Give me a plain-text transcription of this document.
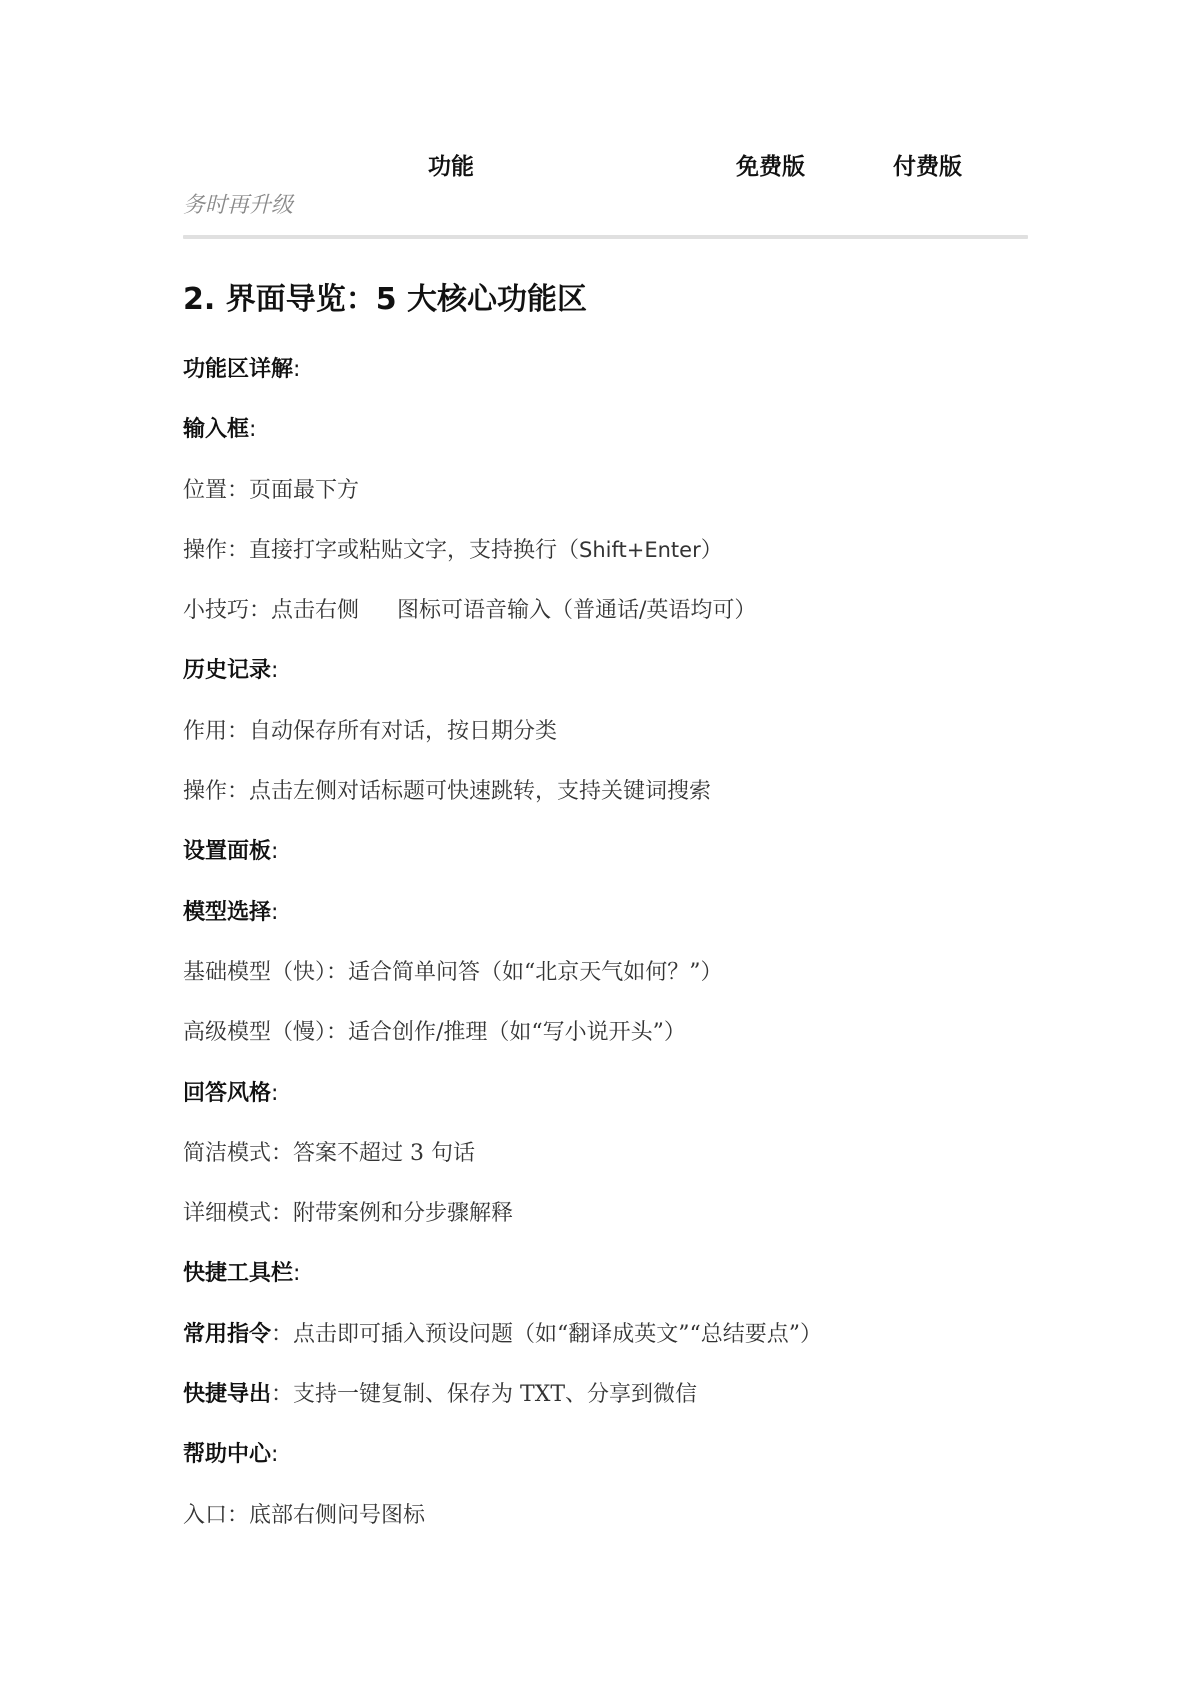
功能	免费版	付费版
务时再升级
2. 界面导览：5 大核心功能区
功能区详解:
输入框:
位置：页面最下方
操作：直接打字或粘贴文字，支持换行（Shift+Enter）
小技巧：点击右侧 图标可语音输入（普通话/英语均可）
历史记录:
作用：自动保存所有对话，按日期分类
操作：点击左侧对话标题可快速跳转，支持关键词搜索
设置面板:
模型选择:
基础模型（快）：适合简单问答（如“北京天气如何？”）
高级模型（慢）：适合创作/推理（如“写小说开头”）
回答风格:
简洁模式：答案不超过 3 句话
详细模式：附带案例和分步骤解释
快捷工具栏:
常用指令：点击即可插入预设问题（如“翻译成英文”“总结要点”）
快捷导出：支持一键复制、保存为 TXT、分享到微信
帮助中心:
入口：底部右侧问号图标
